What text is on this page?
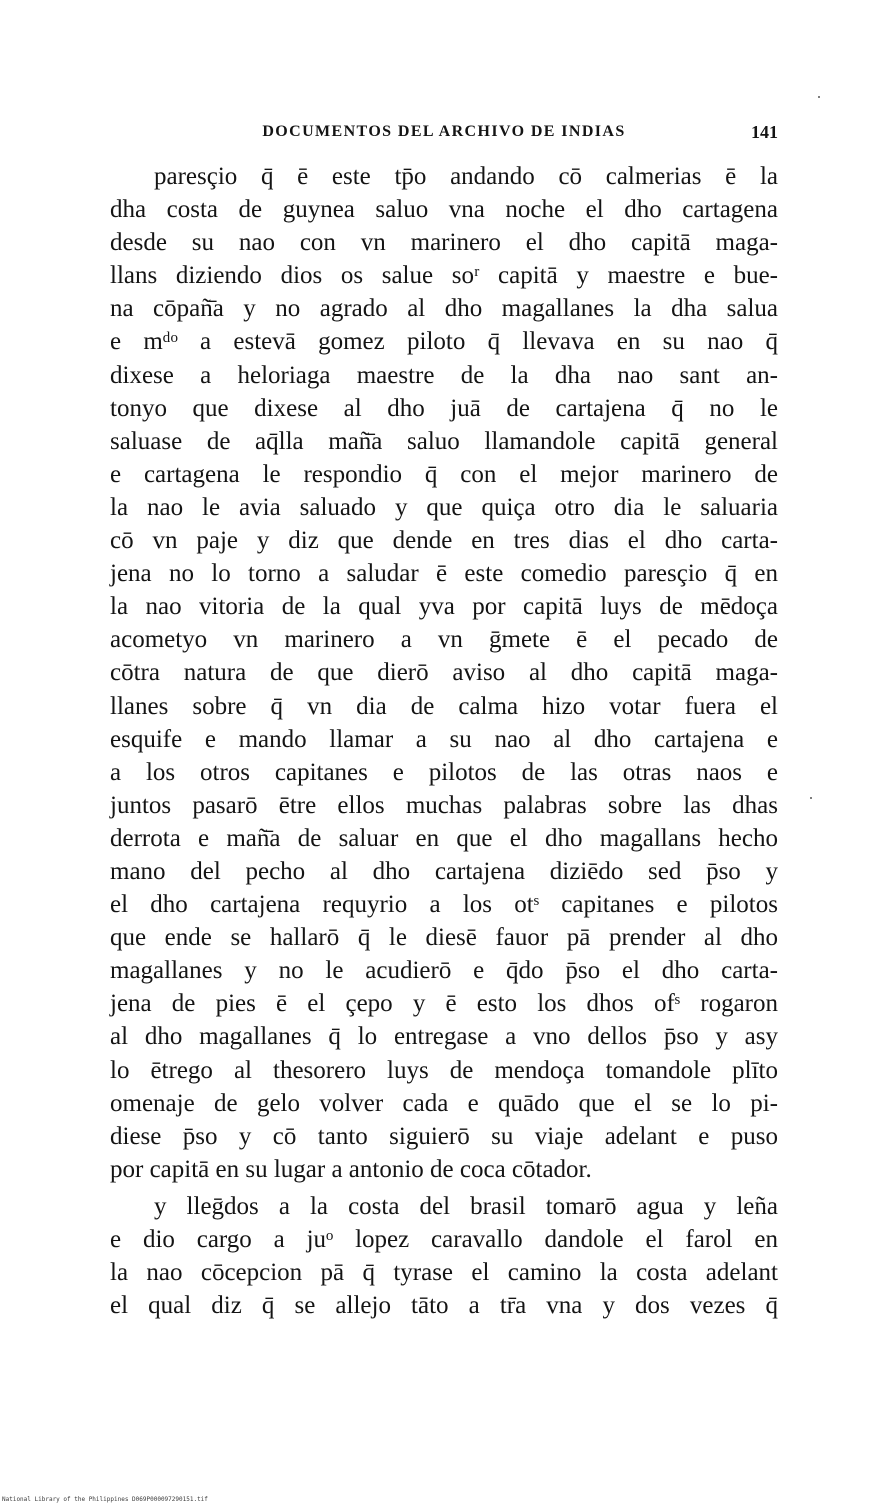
DOCUMENTOS DEL ARCHIVO DE INDIAS	141
paresçio q̄ ē este tp̄o andando cō calmerias ē la
dha costa de guynea saluo vna noche el dho cartagena
desde su nao con vn marinero el dho capitā maga-
llans diziendo dios os salue soʳ capitā y maestre e bue-
na cōpañ̄a y no agrado al dho magallanes la dha salua
e mᵈᵒ a estevā gomez piloto q̄ llevava en su nao q̄
dixese a heloriaga maestre de la dha nao sant an-
tonyo que dixese al dho juā de cartajena q̄ no le
saluase de aq̄lla mañ̄a saluo llamandole capitā general
e cartagena le respondio q̄ con el mejor marinero de
la nao le avia saluado y que quiça otro dia le saluaria
cō vn paje y diz que dende en tres dias el dho carta-
jena no lo torno a saludar ē este comedio paresçio q̄ en
la nao vitoria de la qual yva por capitā luys de mēdoça
acometyo vn marinero a vn ḡmete ē el pecado de
cōtra natura de que dierō aviso al dho capitā maga-
llanes sobre q̄ vn dia de calma hizo votar fuera el
esquife e mando llamar a su nao al dho cartajena e
a los otros capitanes e pilotos de las otras naos e
juntos pasarō ētre ellos muchas palabras sobre las dhas
derrota e mañ̄a de saluar en que el dho magallans hecho
mano del pecho al dho cartajena diziēdo sed p̄so y
el dho cartajena requyrio a los otˢ capitanes e pilotos
que ende se hallarō q̄ le diesē fauor pā prender al dho
magallanes y no le acudierō e q̄do p̄so el dho carta-
jena de pies ē el çepo y ē esto los dhos ofˢ rogaron
al dho magallanes q̄ lo entregase a vno dellos p̄so y asy
lo ētrego al thesorero luys de mendoça tomandole plīto
omenaje de gelo volver cada e quādo que el se lo pi-
diese p̄so y cō tanto siguierō su viaje adelant e puso
por capitā en su lugar a antonio de coca cōtador.
y lleḡdos a la costa del brasil tomarō agua y leña
e dio cargo a juᵒ lopez caravallo dandole el farol en
la nao cōcepcion pā q̄ tyrase el camino la costa adelant
el qual diz q̄ se allejo tāto a tr̄a vna y dos vezes q̄
National Library of the Philippines D069P000097290151.tif
